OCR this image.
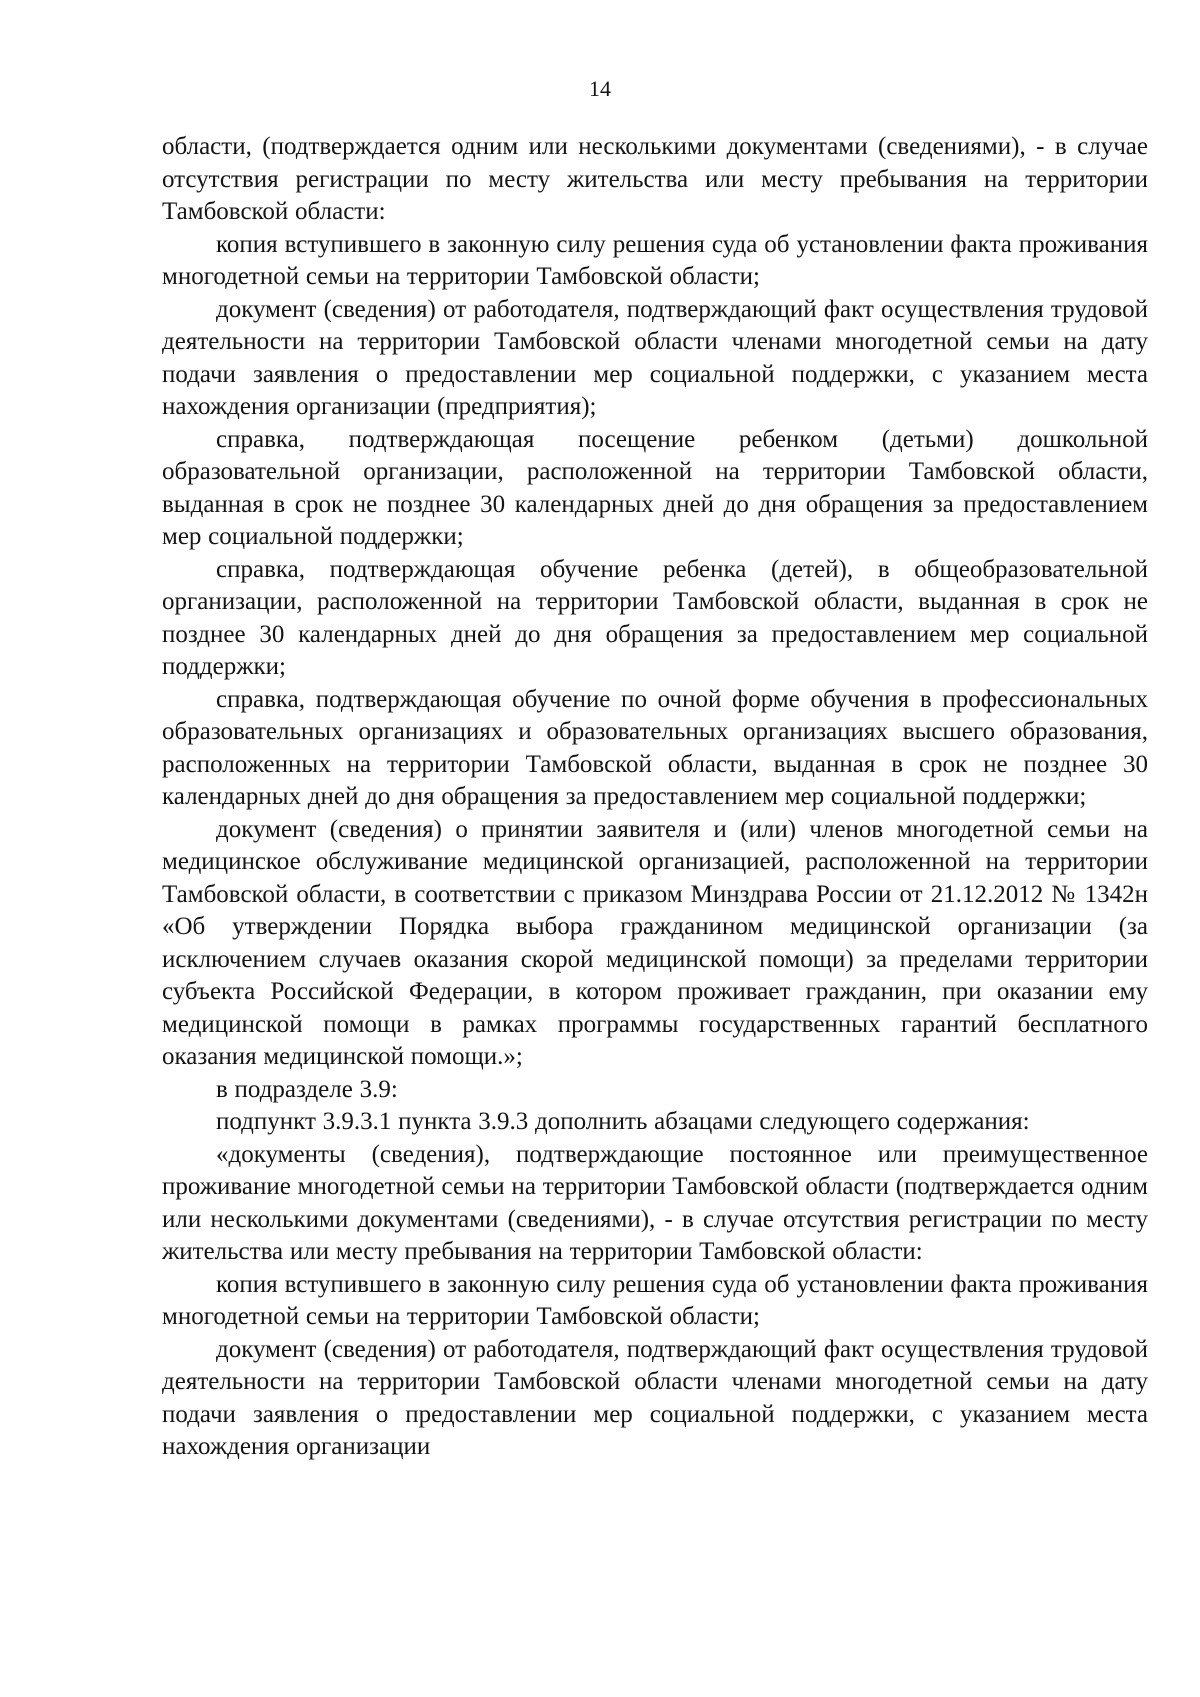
14

области, (подтверждается одним или несколькими документами (сведениями), - в случае отсутствия регистрации по месту жительства или месту пребывания на территории Тамбовской области:

копия вступившего в законную силу решения суда об установлении факта проживания многодетной семьи на территории Тамбовской области;

документ (сведения) от работодателя, подтверждающий факт осуществления трудовой деятельности на территории Тамбовской области членами многодетной семьи на дату подачи заявления о предоставлении мер социальной поддержки, с указанием места нахождения организации (предприятия);

справка, подтверждающая посещение ребенком (детьми) дошкольной образовательной организации, расположенной на территории Тамбовской области, выданная в срок не позднее 30 календарных дней до дня обращения за предоставлением мер социальной поддержки;

справка, подтверждающая обучение ребенка (детей), в общеобразовательной организации, расположенной на территории Тамбовской области, выданная в срок не позднее 30 календарных дней до дня обращения за предоставлением мер социальной поддержки;

справка, подтверждающая обучение по очной форме обучения в профессиональных образовательных организациях и образовательных организациях высшего образования, расположенных на территории Тамбовской области, выданная в срок не позднее 30 календарных дней до дня обращения за предоставлением мер социальной поддержки;

документ (сведения) о принятии заявителя и (или) членов многодетной семьи на медицинское обслуживание медицинской организацией, расположенной на территории Тамбовской области, в соответствии с приказом Минздрава России от 21.12.2012 № 1342н «Об утверждении Порядка выбора гражданином медицинской организации (за исключением случаев оказания скорой медицинской помощи) за пределами территории субъекта Российской Федерации, в котором проживает гражданин, при оказании ему медицинской помощи в рамках программы государственных гарантий бесплатного оказания медицинской помощи.»;

в подразделе 3.9:

подпункт 3.9.3.1 пункта 3.9.3 дополнить абзацами следующего содержания:

«документы (сведения), подтверждающие постоянное или преимущественное проживание многодетной семьи на территории Тамбовской области (подтверждается одним или несколькими документами (сведениями), - в случае отсутствия регистрации по месту жительства или месту пребывания на территории Тамбовской области:

копия вступившего в законную силу решения суда об установлении факта проживания многодетной семьи на территории Тамбовской области;

документ (сведения) от работодателя, подтверждающий факт осуществления трудовой деятельности на территории Тамбовской области членами многодетной семьи на дату подачи заявления о предоставлении мер социальной поддержки, с указанием места нахождения организации
